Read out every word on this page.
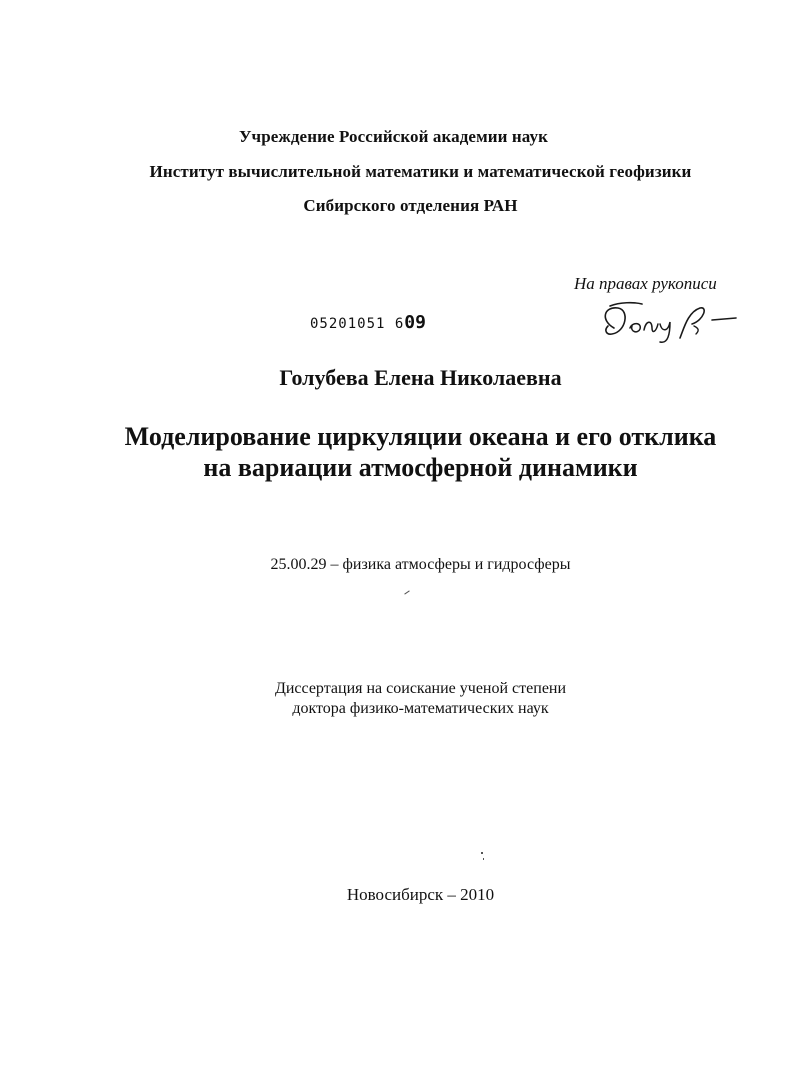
Учреждение Российской академии наук
Институт вычислительной математики и математической геофизики
Сибирского отделения РАН
На правах рукописи
05201051 609
Голубева Елена Николаевна
Моделирование циркуляции океана и его отклика
на вариации атмосферной динамики
25.00.29 – физика атмосферы и гидросферы
Диссертация на соискание ученой степени
доктора физико-математических наук
Новосибирск – 2010
